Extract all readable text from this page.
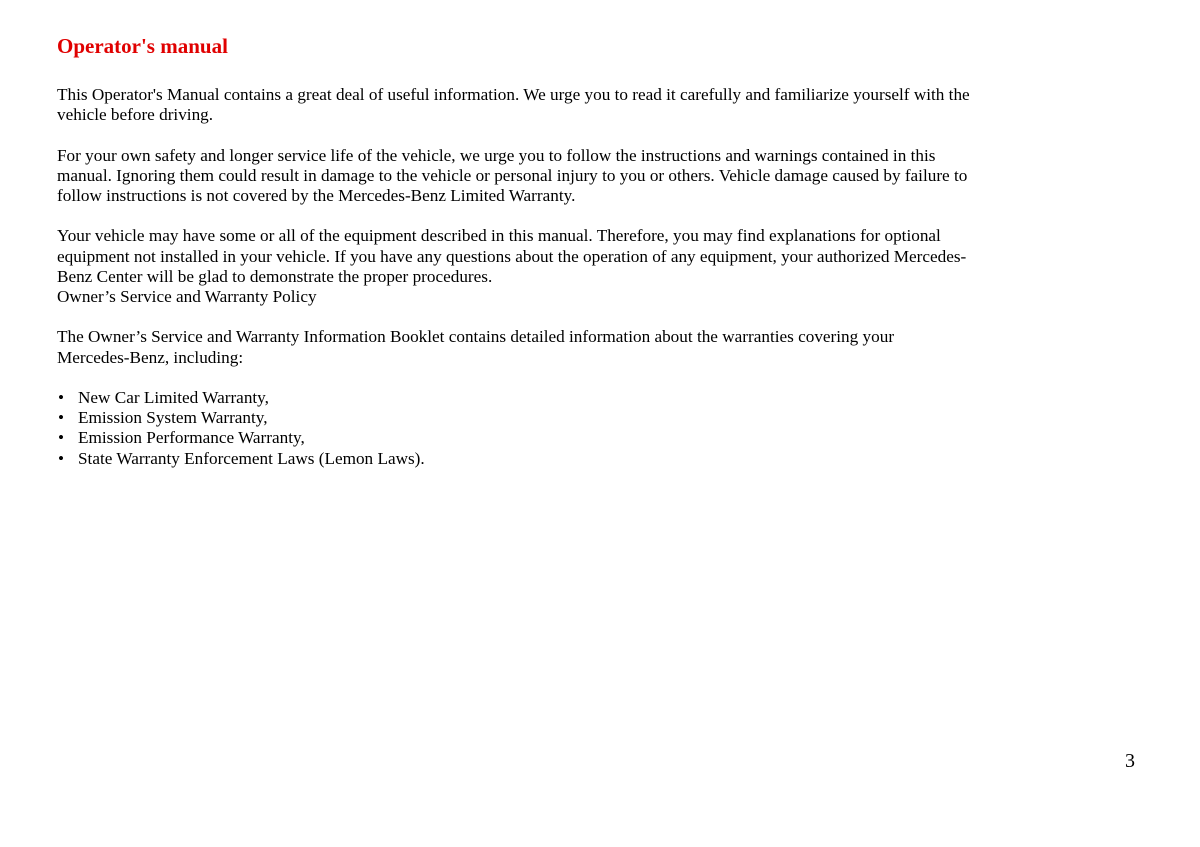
Operator's manual

This Operator's Manual contains a great deal of useful information. We urge you to read it carefully and familiarize yourself with the
vehicle before driving.

For your own safety and longer service life of the vehicle, we urge you to follow the instructions and warnings contained in this
manual. Ignoring them could result in damage to the vehicle or personal injury to you or others. Vehicle damage caused by failure to
follow instructions is not covered by the Mercedes-Benz Limited Warranty.

Your vehicle may have some or all of the equipment described in this manual. Therefore, you may find explanations for optional
equipment not installed in your vehicle. If you have any questions about the operation of any equipment, your authorized Mercedes-
Benz Center will be glad to demonstrate the proper procedures.

Owner’s Service and Warranty Policy

The Owner’s Service and Warranty Information Booklet contains detailed information about the warranties covering your
Mercedes-Benz, including:

• New Car Limited Warranty,
• Emission System Warranty,
• Emission Performance Warranty,
• State Warranty Enforcement Laws (Lemon Laws).
3
